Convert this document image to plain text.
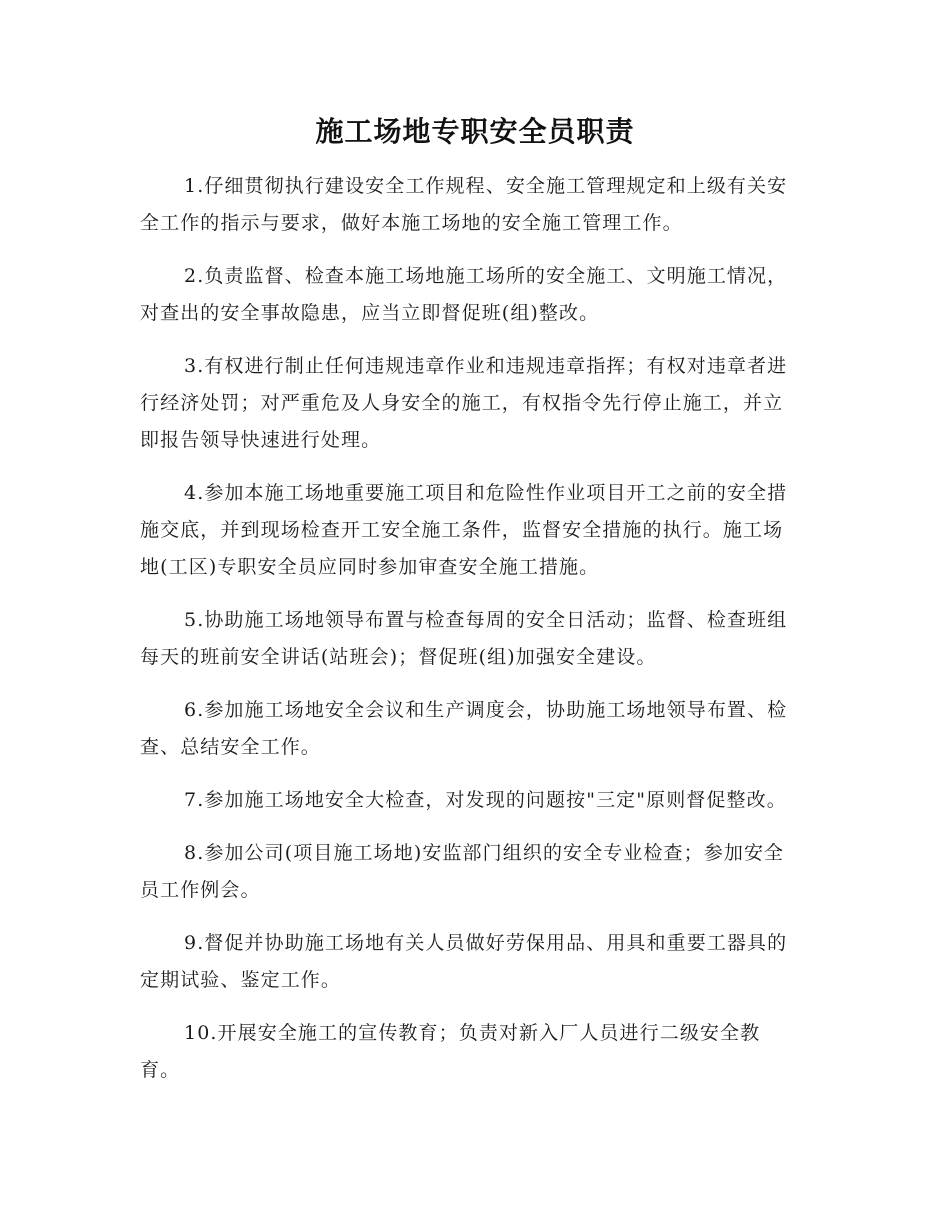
施工场地专职安全员职责

1.仔细贯彻执行建设安全工作规程、安全施工管理规定和上级有关安全工作的指示与要求，做好本施工场地的安全施工管理工作。

2.负责监督、检查本施工场地施工场所的安全施工、文明施工情况，对查出的安全事故隐患，应当立即督促班(组)整改。

3.有权进行制止任何违规违章作业和违规违章指挥；有权对违章者进行经济处罚；对严重危及人身安全的施工，有权指令先行停止施工，并立即报告领导快速进行处理。

4.参加本施工场地重要施工项目和危险性作业项目开工之前的安全措施交底，并到现场检查开工安全施工条件，监督安全措施的执行。施工场地(工区)专职安全员应同时参加审查安全施工措施。

5.协助施工场地领导布置与检查每周的安全日活动；监督、检查班组每天的班前安全讲话(站班会)；督促班(组)加强安全建设。

6.参加施工场地安全会议和生产调度会，协助施工场地领导布置、检查、总结安全工作。

7.参加施工场地安全大检查，对发现的问题按"三定"原则督促整改。

8.参加公司(项目施工场地)安监部门组织的安全专业检查；参加安全员工作例会。

9.督促并协助施工场地有关人员做好劳保用品、用具和重要工器具的定期试验、鉴定工作。

10.开展安全施工的宣传教育；负责对新入厂人员进行二级安全教育。
